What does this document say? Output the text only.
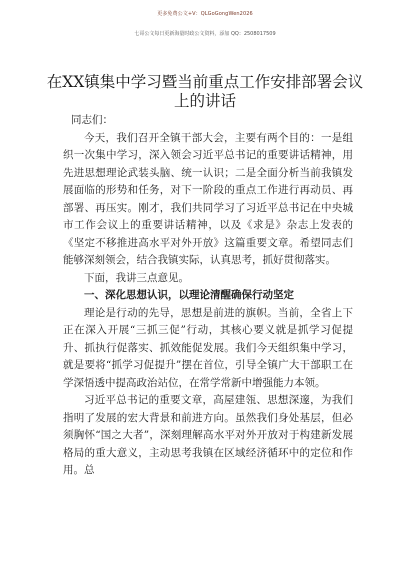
更多免费公文+V：QLGoGongWen2026
七哥公文每日更新海量时政公文资料，添加 QQ：2508017509
在XX镇集中学习暨当前重点工作安排部署会议上的讲话

同志们：

今天，我们召开全镇干部大会，主要有两个目的：一是组织一次集中学习，深入领会习近平总书记的重要讲话精神，用先进思想理论武装头脑、统一认识；二是全面分析当前我镇发展面临的形势和任务，对下一阶段的重点工作进行再动员、再部署、再压实。刚才，我们共同学习了习近平总书记在中央城市工作会议上的重要讲话精神，以及《求是》杂志上发表的《坚定不移推进高水平对外开放》这篇重要文章。希望同志们能够深刻领会，结合我镇实际，认真思考，抓好贯彻落实。

下面，我讲三点意见。

一、深化思想认识，以理论清醒确保行动坚定

理论是行动的先导，思想是前进的旗帜。当前，全省上下正在深入开展“三抓三促”行动，其核心要义就是抓学习促提升、抓执行促落实、抓效能促发展。我们今天组织集中学习，就是要将“抓学习促提升”摆在首位，引导全镇广大干部职工在学深悟透中提高政治站位，在常学常新中增强能力本领。

习近平总书记的重要文章，高屋建瓴、思想深邃，为我们指明了发展的宏大背景和前进方向。虽然我们身处基层，但必须胸怀“国之大者”，深刻理解高水平对外开放对于构建新发展格局的重大意义，主动思考我镇在区域经济循环中的定位和作用。总
